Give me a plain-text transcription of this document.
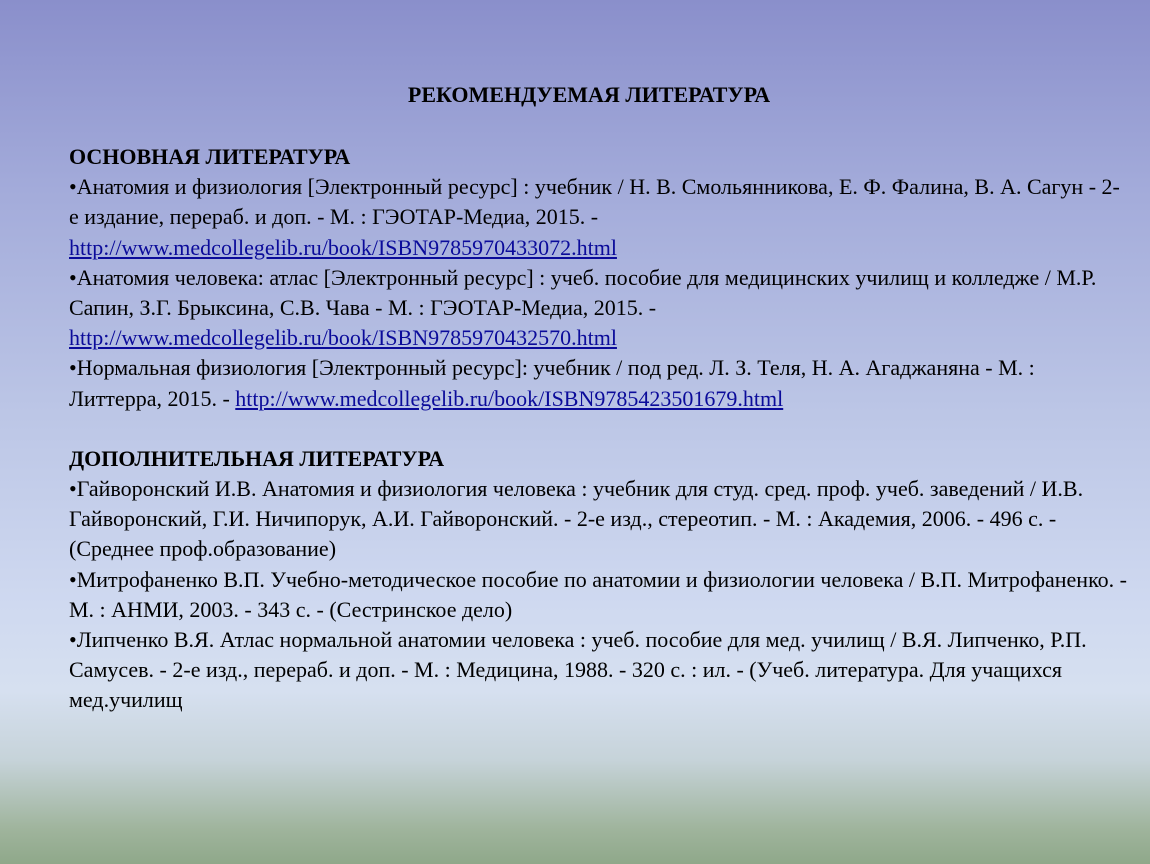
РЕКОМЕНДУЕМАЯ ЛИТЕРАТУРА
ОСНОВНАЯ ЛИТЕРАТУРА

•Анатомия и физиология [Электронный ресурс] : учебник / Н. В. Смольянникова, Е. Ф. Фалина, В. А. Сагун - 2-е издание, перераб. и доп. - М. : ГЭОТАР-Медиа, 2015. - http://www.medcollegelib.ru/book/ISBN9785970433072.html

•Анатомия человека: атлас [Электронный ресурс] : учеб. пособие для медицинских училищ и колледже / М.Р. Сапин, З.Г. Брыксина, С.В. Чава - М. : ГЭОТАР-Медиа, 2015. - http://www.medcollegelib.ru/book/ISBN9785970432570.html

•Нормальная физиология [Электронный ресурс]: учебник / под ред. Л. З. Теля, Н. А. Агаджаняна - М. : Литтерра, 2015. - http://www.medcollegelib.ru/book/ISBN9785423501679.html

ДОПОЛНИТЕЛЬНАЯ ЛИТЕРАТУРА

•Гайворонский И.В. Анатомия и физиология человека : учебник для студ. сред. проф. учеб. заведений / И.В. Гайворонский, Г.И. Ничипорук, А.И. Гайворонский. - 2-е изд., стереотип. - М. : Академия, 2006. - 496 с. - (Среднее проф.образование)

•Митрофаненко В.П. Учебно-методическое пособие по анатомии и физиологии человека / В.П. Митрофаненко. - М. : АНМИ, 2003. - 343 с. - (Сестринское дело)

•Липченко В.Я. Атлас нормальной анатомии человека : учеб. пособие для мед. училищ / В.Я. Липченко, Р.П. Самусев. - 2-е изд., перераб. и доп. - М. : Медицина, 1988. - 320 с. : ил. - (Учеб. литература. Для учащихся мед.училищ
